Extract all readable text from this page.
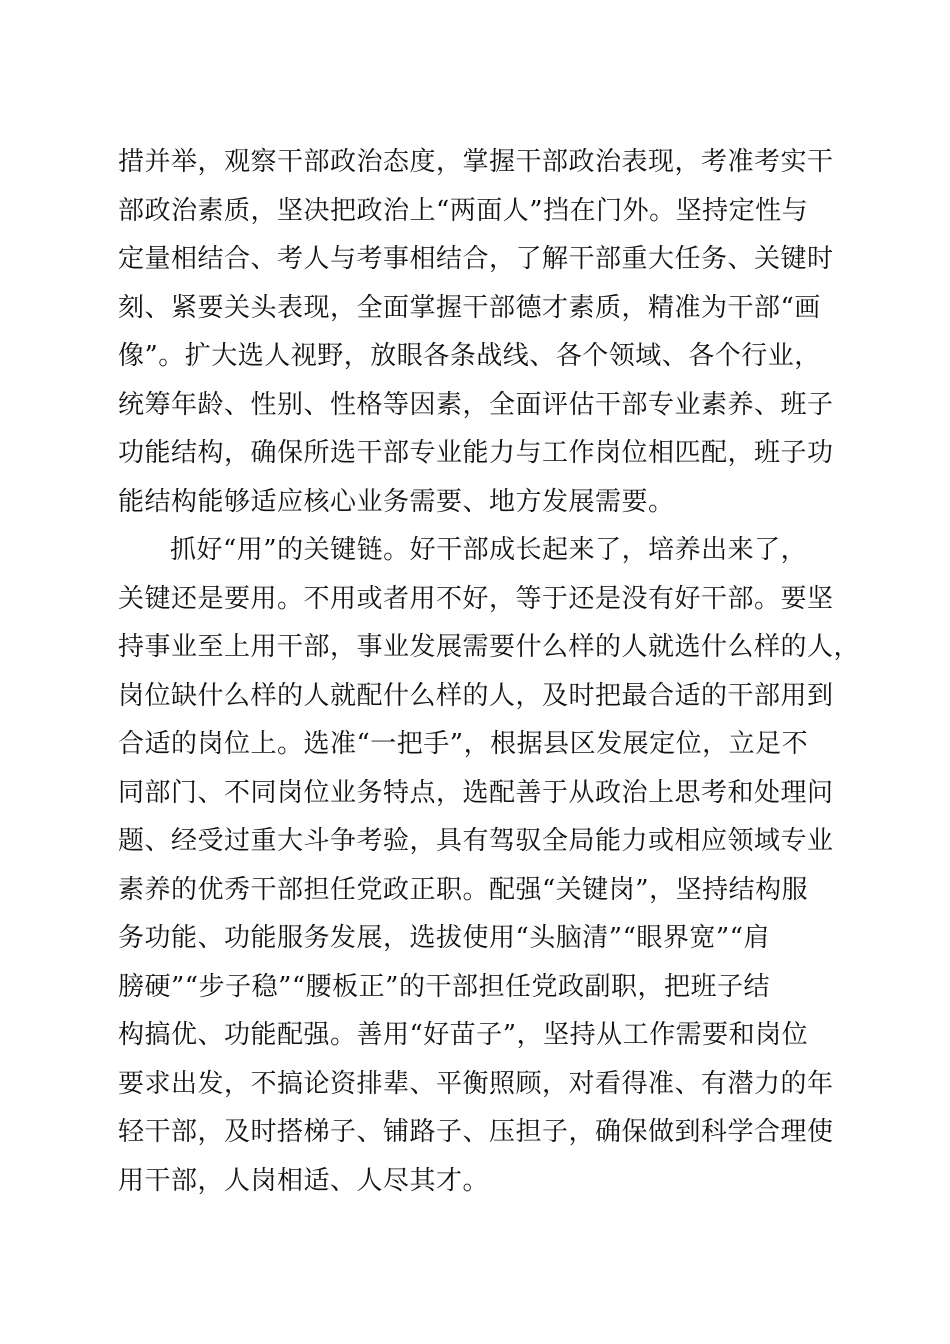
措并举，观察干部政治态度，掌握干部政治表现，考准考实干
部政治素质，坚决把政治上“两面人”挡在门外。坚持定性与
定量相结合、考人与考事相结合，了解干部重大任务、关键时
刻、紧要关头表现，全面掌握干部德才素质，精准为干部“画
像”。扩大选人视野，放眼各条战线、各个领域、各个行业，
统筹年龄、性别、性格等因素，全面评估干部专业素养、班子
功能结构，确保所选干部专业能力与工作岗位相匹配，班子功
能结构能够适应核心业务需要、地方发展需要。
抓好“用”的关键链。好干部成长起来了，培养出来了，
关键还是要用。不用或者用不好，等于还是没有好干部。要坚
持事业至上用干部，事业发展需要什么样的人就选什么样的人，
岗位缺什么样的人就配什么样的人，及时把最合适的干部用到
合适的岗位上。选准“一把手”，根据县区发展定位，立足不
同部门、不同岗位业务特点，选配善于从政治上思考和处理问
题、经受过重大斗争考验，具有驾驭全局能力或相应领域专业
素养的优秀干部担任党政正职。配强“关键岗”，坚持结构服
务功能、功能服务发展，选拔使用“头脑清”“眼界宽”“肩
膀硬”“步子稳”“腰板正”的干部担任党政副职，把班子结
构搞优、功能配强。善用“好苗子”，坚持从工作需要和岗位
要求出发，不搞论资排辈、平衡照顾，对看得准、有潜力的年
轻干部，及时搭梯子、铺路子、压担子，确保做到科学合理使
用干部，人岗相适、人尽其才。
